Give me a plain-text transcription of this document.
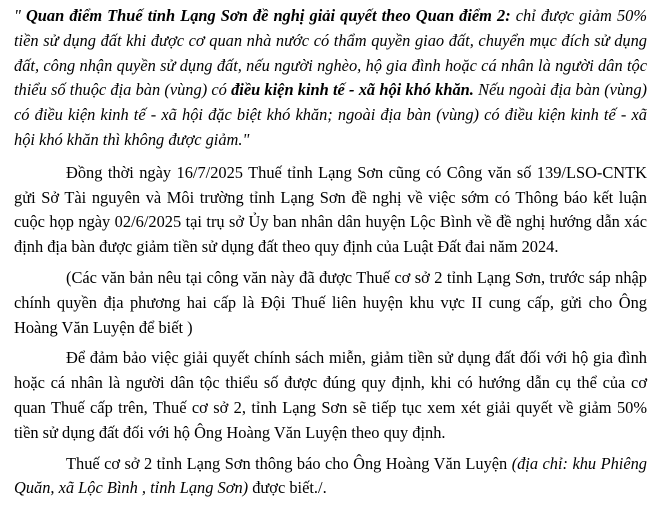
" Quan điểm Thuế tỉnh Lạng Sơn đề nghị giải quyết theo Quan điểm 2: chỉ được giảm 50% tiền sử dụng đất khi được cơ quan nhà nước có thẩm quyền giao đất, chuyển mục đích sử dụng đất, công nhận quyền sử dụng đất, nếu người nghèo, hộ gia đình hoặc cá nhân là người dân tộc thiểu số thuộc địa bàn (vùng) có điều kiện kinh tế - xã hội khó khăn. Nếu ngoài địa bàn (vùng) có điều kiện kinh tế - xã hội đặc biệt khó khăn; ngoài địa bàn (vùng) có điều kiện kinh tế - xã hội khó khăn thì không được giảm."

Đồng thời ngày 16/7/2025 Thuế tỉnh Lạng Sơn cũng có Công văn số 139/LSO-CNTK gửi Sở Tài nguyên và Môi trường tỉnh Lạng Sơn đề nghị về việc sớm có Thông báo kết luận cuộc họp ngày 02/6/2025 tại trụ sở Ủy ban nhân dân huyện Lộc Bình về đề nghị hướng dẫn xác định địa bàn được giảm tiền sử dụng đất theo quy định của Luật Đất đai năm 2024.

(Các văn bản nêu tại công văn này đã được Thuế cơ sở 2 tỉnh Lạng Sơn, trước sáp nhập chính quyền địa phương hai cấp là Đội Thuế liên huyện khu vực II cung cấp, gửi cho Ông Hoàng Văn Luyện để biết )

Để đảm bảo việc giải quyết chính sách miễn, giảm tiền sử dụng đất đối với hộ gia đình hoặc cá nhân là người dân tộc thiểu số được đúng quy định, khi có hướng dẫn cụ thể của cơ quan Thuế cấp trên, Thuế cơ sở 2, tỉnh Lạng Sơn sẽ tiếp tục xem xét giải quyết về giảm 50% tiền sử dụng đất đối với hộ Ông Hoàng Văn Luyện theo quy định.

Thuế cơ sở 2 tỉnh Lạng Sơn thông báo cho Ông Hoàng Văn Luyện (địa chỉ: khu Phiêng Quăn, xã Lộc Bình , tỉnh Lạng Sơn) được biết./.
